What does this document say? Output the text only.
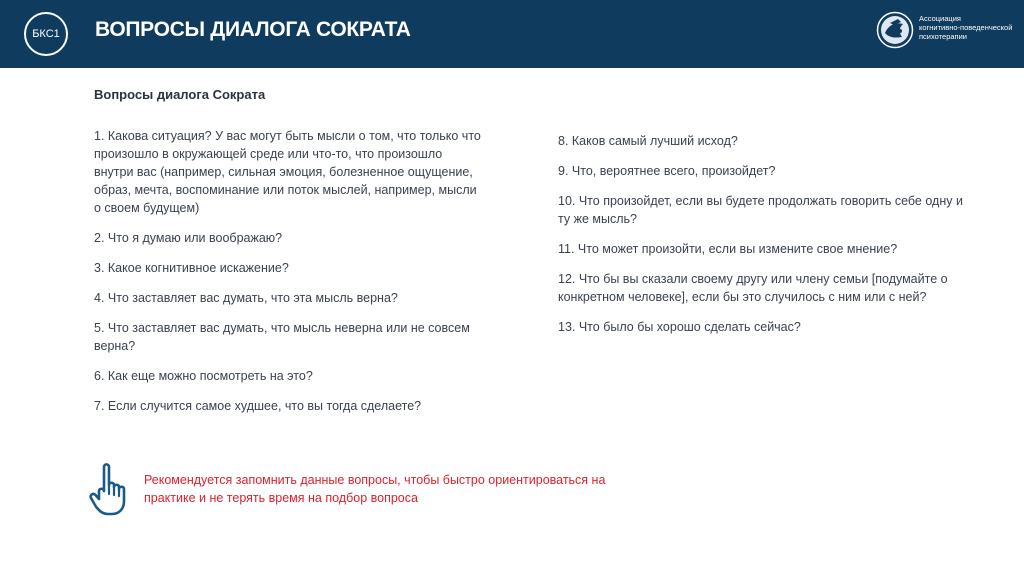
БКС1	ВОПРОСЫ ДИАЛОГА СОКРАТА	Ассоциация
когнитивно-поведенческой
психотерапии
Вопросы диалога Сократа
1. Какова ситуация? У вас могут быть мысли о том, что только что произошло в окружающей среде или что-то, что произошло внутри вас (например, сильная эмоция, болезненное ощущение, образ, мечта, воспоминание или поток мыслей, например, мысли о своем будущем)
2. Что я думаю или воображаю?
3. Какое когнитивное искажение?
4. Что заставляет вас думать, что эта мысль верна?
5. Что заставляет вас думать, что мысль неверна или не совсем верна?
6. Как еще можно посмотреть на это?
7. Если случится самое худшее, что вы тогда сделаете?
8. Каков самый лучший исход?
9. Что, вероятнее всего, произойдет?
10. Что произойдет, если вы будете продолжать говорить себе одну и ту же мысль?
11. Что может произойти, если вы измените свое мнение?
12. Что бы вы сказали своему другу или члену семьи [подумайте о конкретном человеке], если бы это случилось с ним или с ней?
13. Что было бы хорошо сделать сейчас?
Рекомендуется запомнить данные вопросы, чтобы быстро ориентироваться на практике и не терять время на подбор вопроса
